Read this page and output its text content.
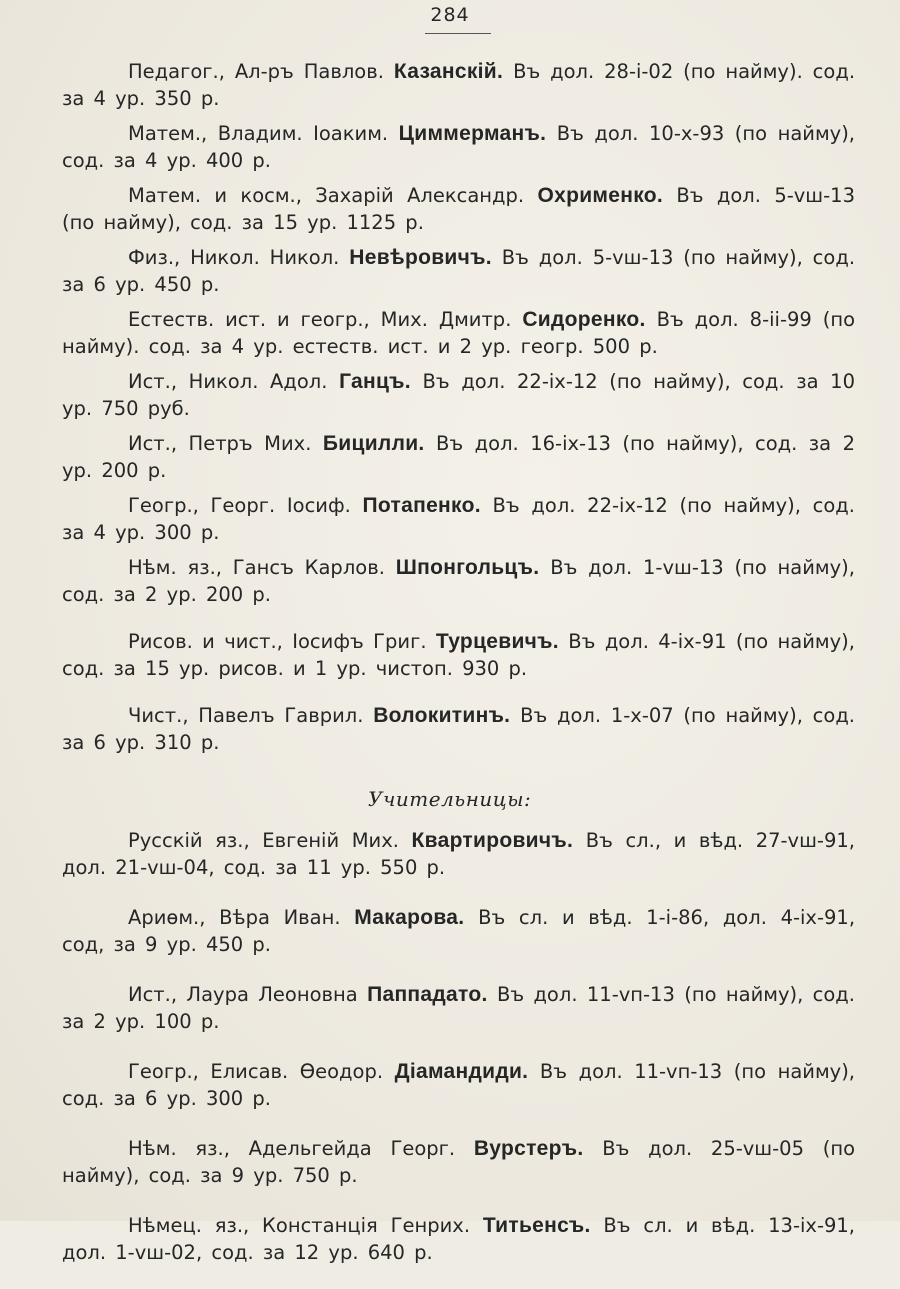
284

Педагог., Ал-ръ Павлов. Казанскій. Въ дол. 28-і-02 (по найму). сод. за 4 ур. 350 р.

Матем., Владим. Іоаким. Циммерманъ. Въ дол. 10-х-93 (по найму), сод. за 4 ур. 400 р.

Матем. и косм., Захарій Александр. Охрименко. Въ дол. 5-vш-13 (по найму), сод. за 15 ур. 1125 р.

Физ., Никол. Никол. Невѣровичъ. Въ дол. 5-vш-13 (по найму), сод. за 6 ур. 450 р.

Естеств. ист. и геогр., Мих. Дмитр. Сидоренко. Въ дол. 8-іі-99 (по найму). сод. за 4 ур. естеств. ист. и 2 ур. геогр. 500 р.

Ист., Никол. Адол. Ганцъ. Въ дол. 22-іх-12 (по найму), сод. за 10 ур. 750 руб.

Ист., Петръ Мих. Бицилли. Въ дол. 16-іх-13 (по найму), сод. за 2 ур. 200 р.

Геогр., Георг. Іосиф. Потапенко. Въ дол. 22-іх-12 (по найму), сод. за 4 ур. 300 р.

Нѣм. яз., Гансъ Карлов. Шпонгольцъ. Въ дол. 1-vш-13 (по найму), сод. за 2 ур. 200 р.

Рисов. и чист., Іосифъ Григ. Турцевичъ. Въ дол. 4-іх-91 (по найму), сод. за 15 ур. рисов. и 1 ур. чистоп. 930 р.

Чист., Павелъ Гаврил. Волокитинъ. Въ дол. 1-х-07 (по найму), сод. за 6 ур. 310 р.

Учительницы:

Русскій яз., Евгеній Мих. Квартировичъ. Въ сл., и вѣд. 27-vш-91, дол. 21-vш-04, сод. за 11 ур. 550 р.

Ариѳм., Вѣра Иван. Макарова. Въ сл. и вѣд. 1-і-86, дол. 4-іх-91, сод, за 9 ур. 450 р.

Ист., Лаура Леоновна Паппадато. Въ дол. 11-vп-13 (по найму), сод. за 2 ур. 100 р.

Геогр., Елисав. Ѳеодор. Діамандиди. Въ дол. 11-vп-13 (по найму), сод. за 6 ур. 300 р.

Нѣм. яз., Адельгейда Георг. Вурстеръ. Въ дол. 25-vш-05 (по найму), сод. за 9 ур. 750 р.

Нѣмец. яз., Констанція Генрих. Титьенсъ. Въ сл. и вѣд. 13-іх-91, дол. 1-vш-02, сод. за 12 ур. 640 р.
